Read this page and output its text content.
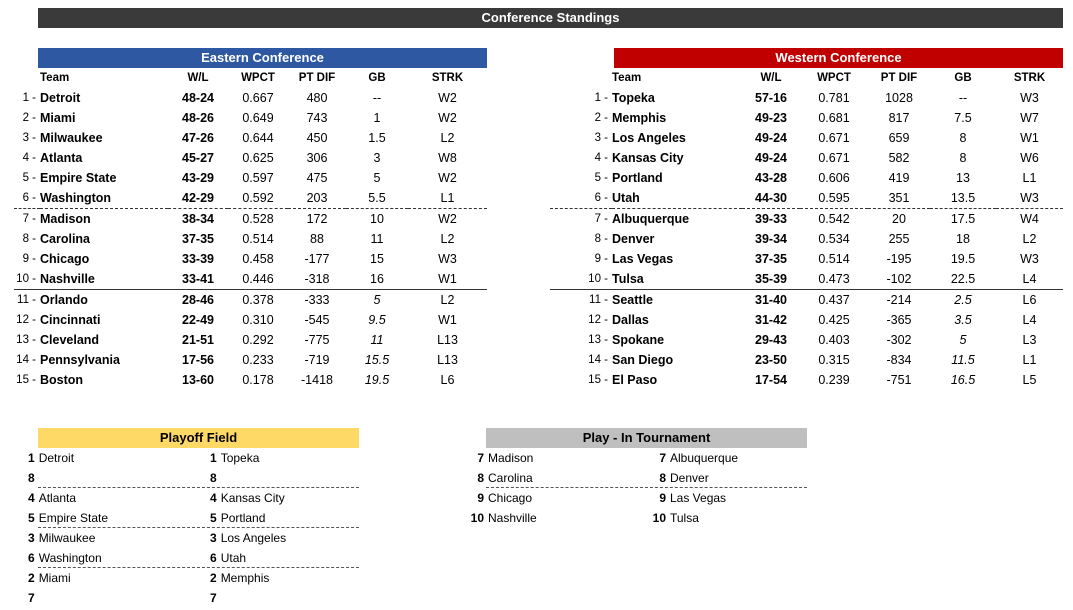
Conference Standings
Eastern Conference
	Team	W/L	WPCT	PT DIF	GB	STRK
1 -	Detroit	48-24	0.667	480	--	W2
2 -	Miami	48-26	0.649	743	1	W2
3 -	Milwaukee	47-26	0.644	450	1.5	L2
4 -	Atlanta	45-27	0.625	306	3	W8
5 -	Empire State	43-29	0.597	475	5	W2
6 -	Washington	42-29	0.592	203	5.5	L1
7 -	Madison	38-34	0.528	172	10	W2
8 -	Carolina	37-35	0.514	88	11	L2
9 -	Chicago	33-39	0.458	-177	15	W3
10 -	Nashville	33-41	0.446	-318	16	W1
11 -	Orlando	28-46	0.378	-333	5	L2
12 -	Cincinnati	22-49	0.310	-545	9.5	W1
13 -	Cleveland	21-51	0.292	-775	11	L13
14 -	Pennsylvania	17-56	0.233	-719	15.5	L13
15 -	Boston	13-60	0.178	-1418	19.5	L6
Western Conference
	Team	W/L	WPCT	PT DIF	GB	STRK
1 -	Topeka	57-16	0.781	1028	--	W3
2 -	Memphis	49-23	0.681	817	7.5	W7
3 -	Los Angeles	49-24	0.671	659	8	W1
4 -	Kansas City	49-24	0.671	582	8	W6
5 -	Portland	43-28	0.606	419	13	L1
6 -	Utah	44-30	0.595	351	13.5	W3
7 -	Albuquerque	39-33	0.542	20	17.5	W4
8 -	Denver	39-34	0.534	255	18	L2
9 -	Las Vegas	37-35	0.514	-195	19.5	W3
10 -	Tulsa	35-39	0.473	-102	22.5	L4
11 -	Seattle	31-40	0.437	-214	2.5	L6
12 -	Dallas	31-42	0.425	-365	3.5	L4
13 -	Spokane	29-43	0.403	-302	5	L3
14 -	San Diego	23-50	0.315	-834	11.5	L1
15 -	El Paso	17-54	0.239	-751	16.5	L5
Playoff Field
1 Detroit	1 Topeka
8	8
4 Atlanta	4 Kansas City
5 Empire State	5 Portland
3 Milwaukee	3 Los Angeles
6 Washington	6 Utah
2 Miami	2 Memphis
7	7
Play - In Tournament
7 Madison	7 Albuquerque
8 Carolina	8 Denver
9 Chicago	9 Las Vegas
10 Nashville	10 Tulsa
